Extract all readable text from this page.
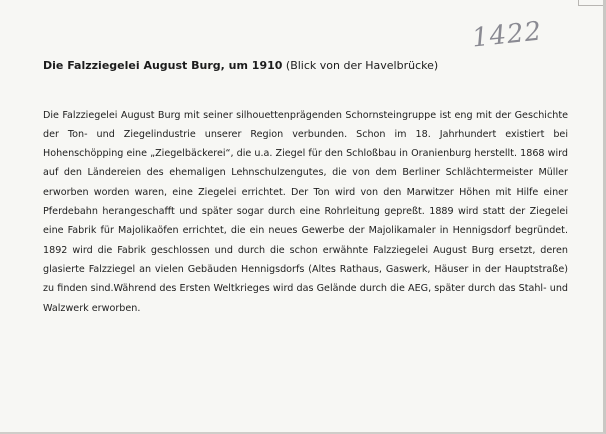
1422
Die Falzziegelei August Burg, um 1910 (Blick von der Havelbrücke)

Die Falzziegelei August Burg mit seiner silhouettenprägenden Schornsteingruppe ist eng mit der Geschichte der Ton- und Ziegelindustrie unserer Region verbunden. Schon im 18. Jahrhundert existiert bei Hohenschöpping eine „Ziegelbäckerei“, die u.a. Ziegel für den Schloßbau in Oranienburg herstellt. 1868 wird auf den Ländereien des ehemaligen Lehnschulzengutes, die von dem Berliner Schlächtermeister Müller erworben worden waren, eine Ziegelei errichtet. Der Ton wird von den Marwitzer Höhen mit Hilfe einer Pferdebahn herangeschafft und später sogar durch eine Rohrleitung gepreßt. 1889 wird statt der Ziegelei eine Fabrik für Majolikaöfen errichtet, die ein neues Gewerbe der Majolikamaler in Hennigsdorf begründet. 1892 wird die Fabrik geschlossen und durch die schon erwähnte Falzziegelei August Burg ersetzt, deren glasierte Falzziegel an vielen Gebäuden Hennigsdorfs (Altes Rathaus, Gaswerk, Häuser in der Hauptstraße) zu finden sind.Während des Ersten Weltkrieges wird das Gelände durch die AEG, später durch das Stahl- und Walzwerk erworben.
